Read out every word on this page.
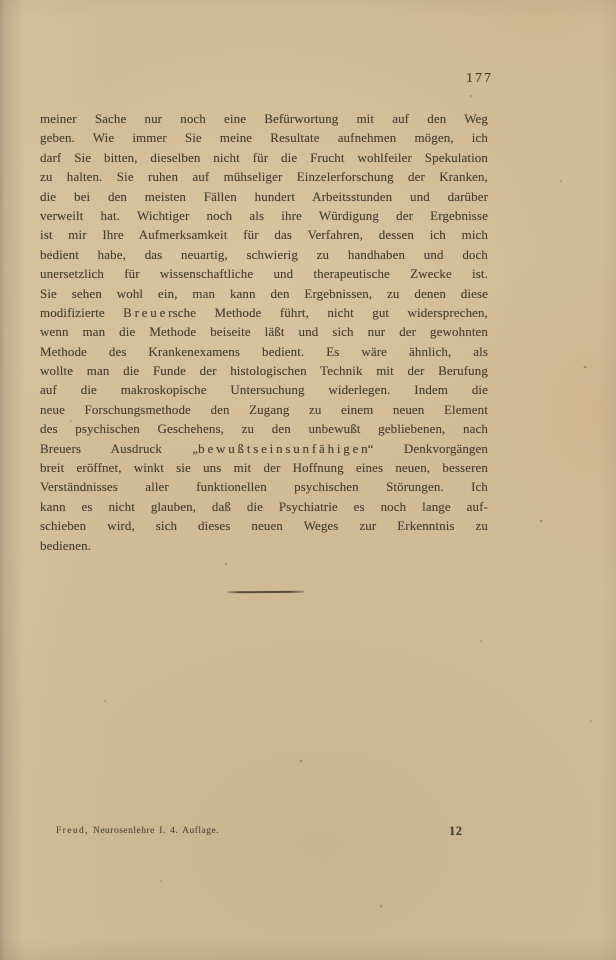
177
meiner Sache nur noch eine Befürwortung mit auf den Weg
geben. Wie immer Sie meine Resultate aufnehmen mögen, ich
darf Sie bitten, dieselben nicht für die Frucht wohlfeiler Spekulation
zu halten. Sie ruhen auf mühseliger Einzelerforschung der Kranken,
die bei den meisten Fällen hundert Arbeitsstunden und darüber
verweilt hat. Wichtiger noch als ihre Würdigung der Ergebnisse
ist mir Ihre Aufmerksamkeit für das Verfahren, dessen ich mich
bedient habe, das neuartig, schwierig zu handhaben und doch
unersetzlich für wissenschaftliche und therapeutische Zwecke ist.
Sie sehen wohl ein, man kann den Ergebnissen, zu denen diese
modifizierte B r e u e rsche Methode führt, nicht gut widersprechen,
wenn man die Methode beiseite läßt und sich nur der gewohnten
Methode des Krankenexamens bedient. Es wäre ähnlich, als
wollte man die Funde der histologischen Technik mit der Berufung
auf die makroskopische Untersuchung widerlegen. Indem die
neue Forschungsmethode den Zugang zu einem neuen Element
des psychischen Geschehens, zu den unbewußt gebliebenen, nach
Breuers Ausdruck „b e w u ß t s e i n s u n f ä h i g e n“ Denkvorgängen
breit eröffnet, winkt sie uns mit der Hoffnung eines neuen, besseren
Verständnisses aller funktionellen psychischen Störungen. Ich
kann es nicht glauben, daß die Psychiatrie es noch lange auf-
schieben wird, sich dieses neuen Weges zur Erkenntnis zu
bedienen.
Freud, Neurosenlehre I. 4. Auflage.	12
